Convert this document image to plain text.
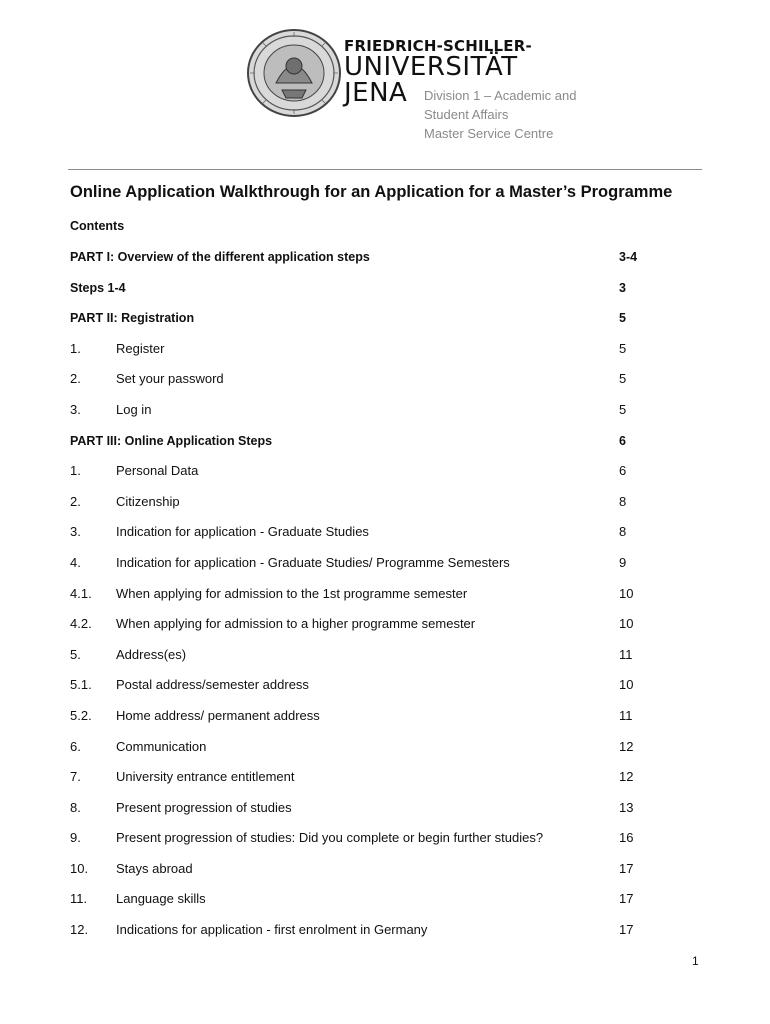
FRIEDRICH-SCHILLER-

UNIVERSITÄT

JENA	Division 1 – Academic and
Student Affairs
Master Service Centre
Online Application Walkthrough for an Application for a Master’s Programme

Contents

PART I: Overview of the different application steps	3-4
Steps 1-4	3
PART II: Registration	5
1.	Register	5
2.	Set your password	5
3.	Log in	5
PART III: Online Application Steps	6
1.	Personal Data	6
2.	Citizenship	8
3.	Indication for application - Graduate Studies	8
4.	Indication for application - Graduate Studies/ Programme Semesters	9
4.1. When applying for admission to the 1st programme semester	10
4.2. When applying for admission to a higher programme semester	10
5.	Address(es)	11
5.1. Postal address/semester address	10
5.2. Home address/ permanent address	11
6.	Communication	12
7.	University entrance entitlement	12
8.	Present progression of studies	13
9.	Present progression of studies: Did you complete or begin further studies?	16
10. Stays abroad	17
11. Language skills	17
12. Indications for application - first enrolment in Germany	17
1
